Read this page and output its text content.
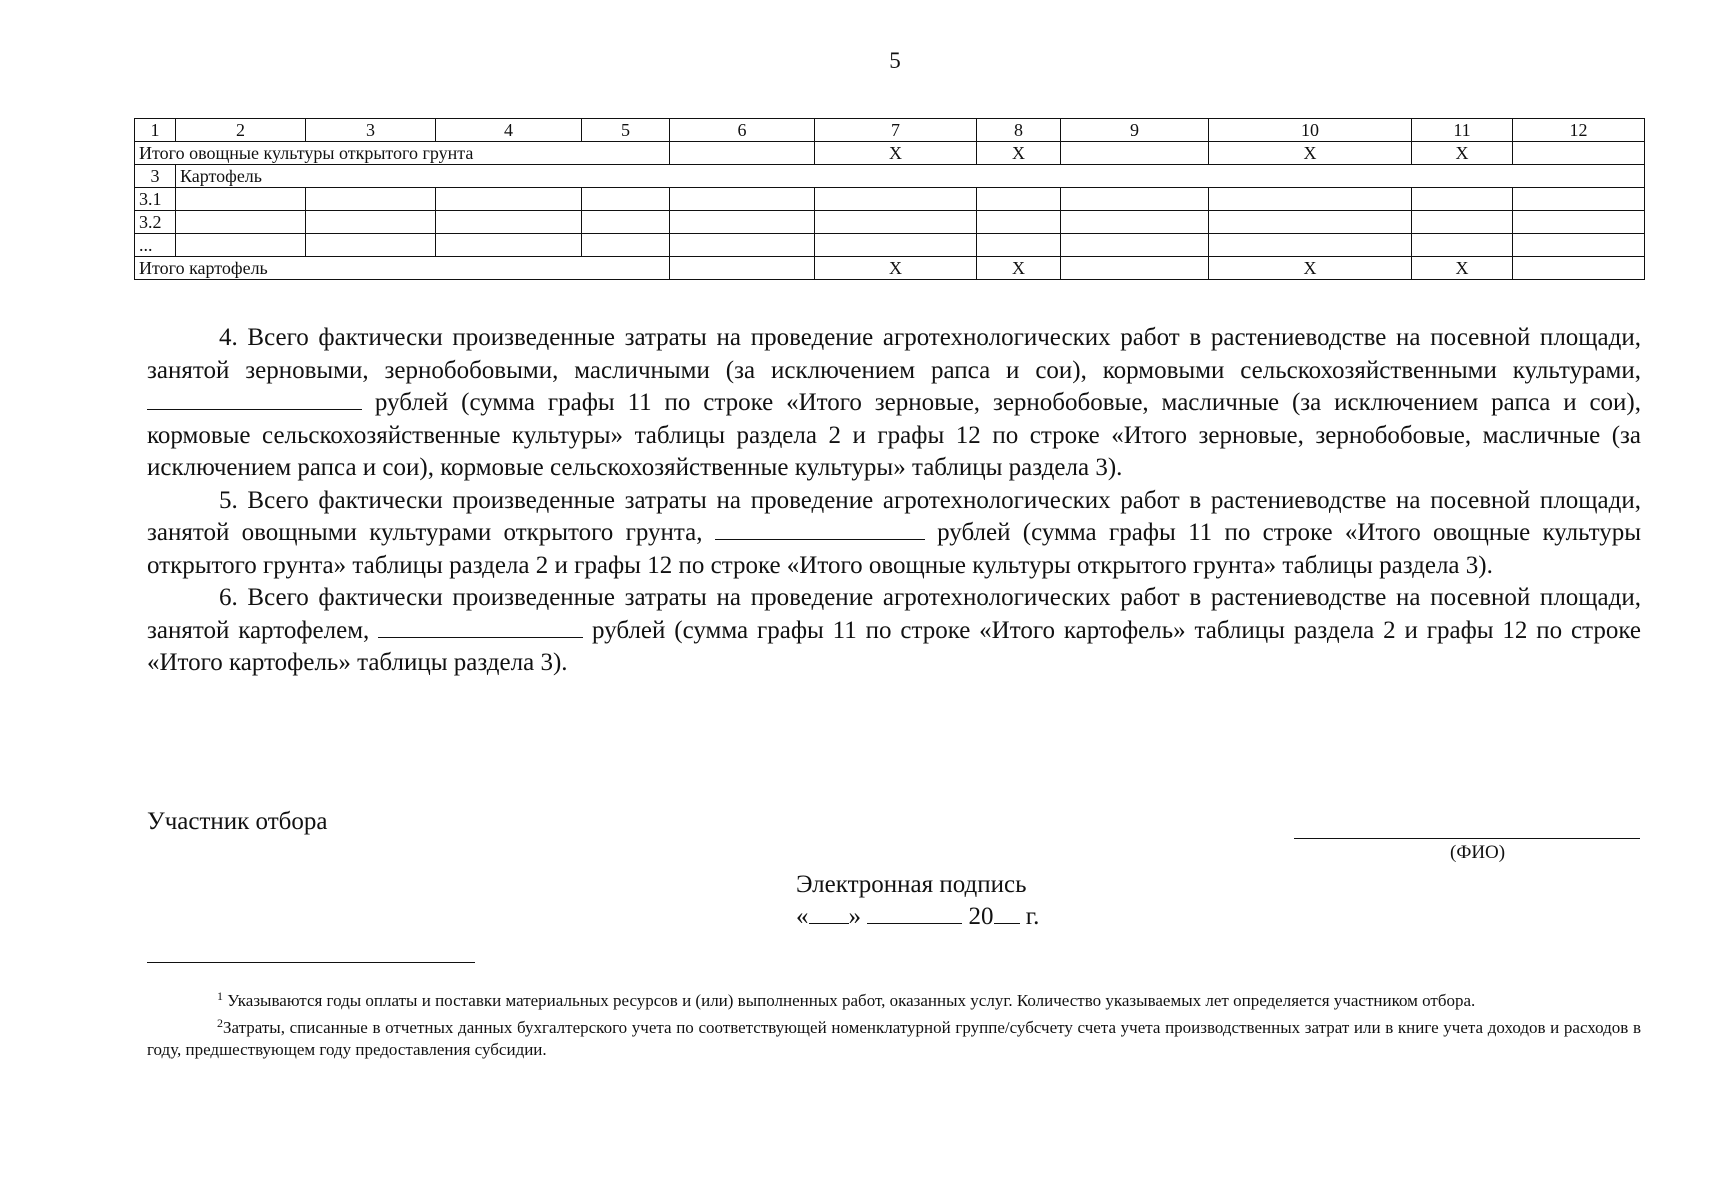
5
1	2	3	4	5	6	7	8	9	10	11	12
Итого овощные культуры открытого грунта						X	X		X	X	
3	Картофель										
3.1											
3.2											
...											
Итого картофель						X	X		X	X	

4. Всего фактически произведенные затраты на проведение агротехнологических работ в растениеводстве на посевной площади, занятой зерновыми, зернобобовыми, масличными (за исключением рапса и сои), кормовыми сельскохозяйственными культурами,  рублей (сумма графы 11 по строке «Итого зерновые, зернобобовые, масличные (за исключением рапса и сои), кормовые сельскохозяйственные культуры» таблицы раздела 2 и графы 12 по строке «Итого зерновые, зернобобовые, масличные (за исключением рапса и сои), кормовые сельскохозяйственные культуры» таблицы раздела 3).

5. Всего фактически произведенные затраты на проведение агротехнологических работ в растениеводстве на посевной площади, занятой овощными культурами открытого грунта,	рублей (сумма графы 11 по строке «Итого овощные культуры открытого грунта» таблицы раздела 2 и графы 12 по строке «Итого овощные культуры открытого грунта» таблицы раздела 3).

6. Всего фактически произведенные затраты на проведение агротехнологических работ в растениеводстве на посевной площади, занятой картофелем,	рублей (сумма графы 11 по строке «Итого картофель» таблицы раздела 2 и графы 12 по строке «Итого картофель» таблицы раздела 3).

Участник отбора
(ФИО)
Электронная подпись
« »	20 г.

$^1$ Указываются годы оплаты и поставки материальных ресурсов и (или) выполненных работ, оказанных услуг. Количество указываемых лет определяется участником отбора.

$^2$Затраты, списанные в отчетных данных бухгалтерского учета по соответствующей номенклатурной группе/субсчету счета учета производственных затрат или в книге учета доходов и расходов в году, предшествующем году предоставления субсидии.
